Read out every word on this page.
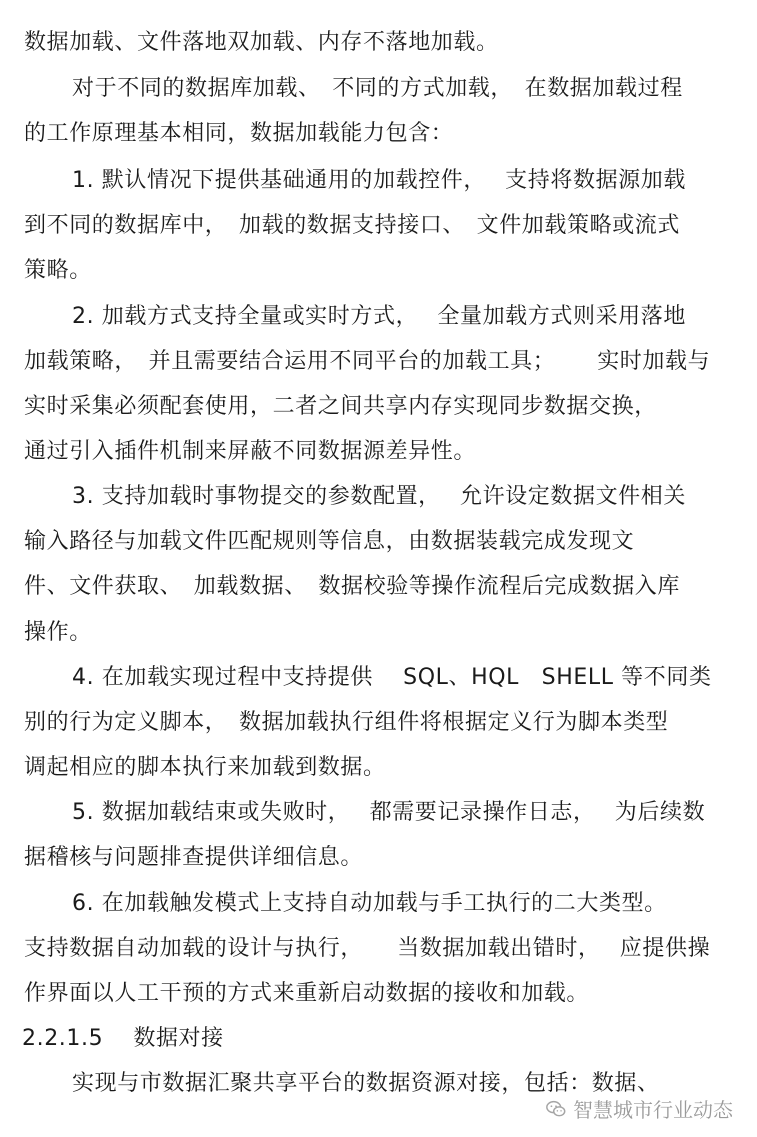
数据加载、文件落地双加载、内存不落地加载。
对于不同的数据库加载、　不同的方式加载，　在数据加载过程
的工作原理基本相同，数据加载能力包含：
1. 默认情况下提供基础通用的加载控件，　 支持将数据源加载
到不同的数据库中，　加载的数据支持接口、　文件加载策略或流式
策略。
2. 加载方式支持全量或实时方式，　 全量加载方式则采用落地
加载策略，　并且需要结合运用不同平台的加载工具；　　 实时加载与
实时采集必须配套使用，二者之间共享内存实现同步数据交换，
通过引入插件机制来屏蔽不同数据源差异性。
3. 支持加载时事物提交的参数配置，　 允许设定数据文件相关
输入路径与加载文件匹配规则等信息，由数据装载完成发现文
件、文件获取、　加载数据、　数据校验等操作流程后完成数据入库
操作。
4. 在加载实现过程中支持提供　 SQL、HQL　SHELL 等不同类
别的行为定义脚本，　数据加载执行组件将根据定义行为脚本类型
调起相应的脚本执行来加载到数据。
5. 数据加载结束或失败时，　 都需要记录操作日志，　 为后续数
据稽核与问题排查提供详细信息。
6. 在加载触发模式上支持自动加载与手工执行的二大类型。
支持数据自动加载的设计与执行，　　当数据加载出错时，　 应提供操
作界面以人工干预的方式来重新启动数据的接收和加载。
2.2.1.5　 数据对接
实现与市数据汇聚共享平台的数据资源对接，包括：数据、
智慧城市行业动态
